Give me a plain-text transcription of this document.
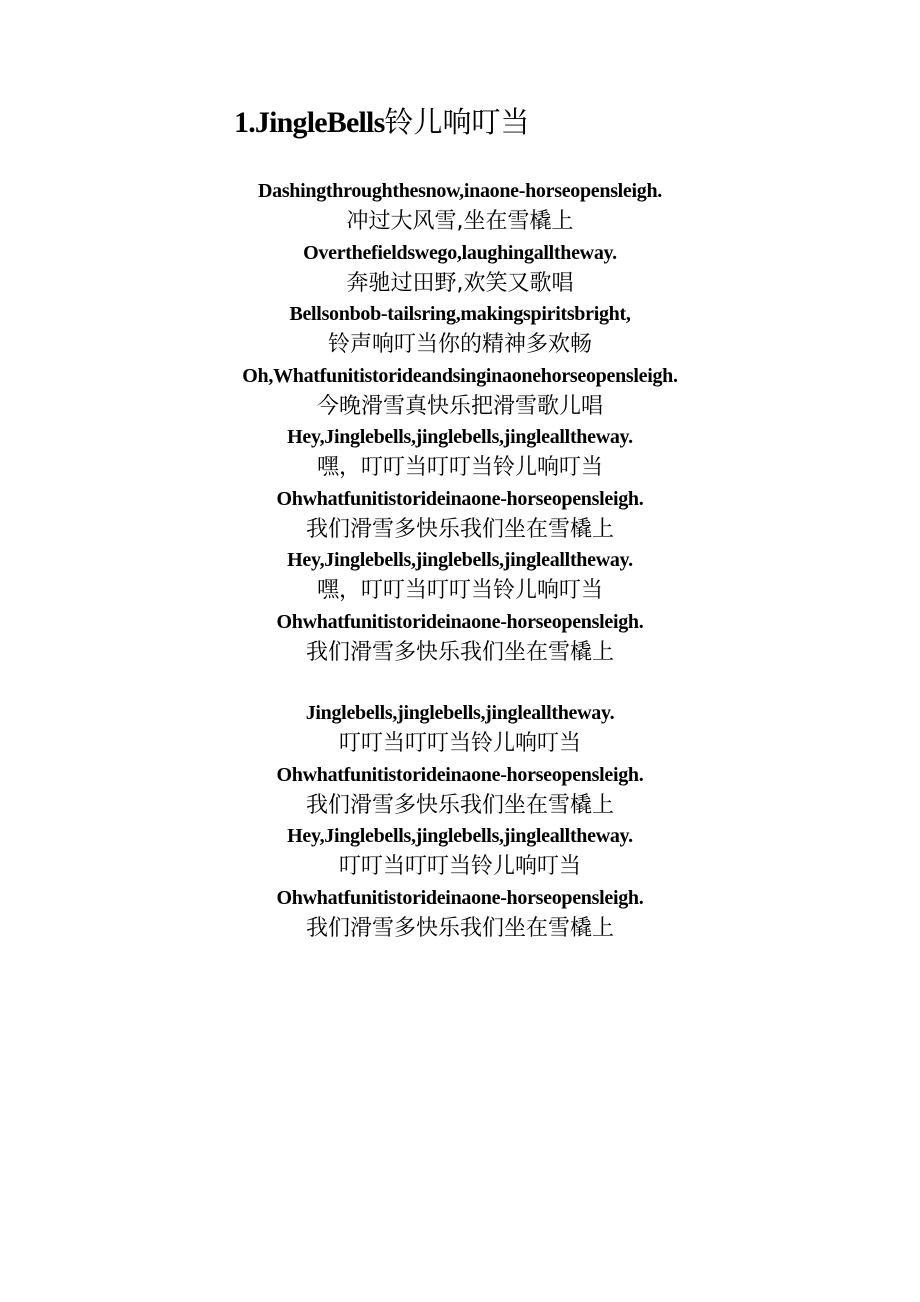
1.JingleBells铃儿响叮当
Dashingthroughthesnow,inaone-horseopensleigh.
冲过大风雪,坐在雪橇上
Overthefieldswego,laughingalltheway.
奔驰过田野,欢笑又歌唱
Bellsonbob-tailsring,makingspiritsbright,
铃声响叮当你的精神多欢畅
Oh,Whatfunitistorideandsinginaonehorseopensleigh.
今晚滑雪真快乐把滑雪歌儿唱
Hey,Jinglebells,jinglebells,jinglealltheway.
嘿，叮叮当叮叮当铃儿响叮当
Ohwhatfunitistorideinaone-horseopensleigh.
我们滑雪多快乐我们坐在雪橇上
Hey,Jinglebells,jinglebells,jinglealltheway.
嘿，叮叮当叮叮当铃儿响叮当
Ohwhatfunitistorideinaone-horseopensleigh.
我们滑雪多快乐我们坐在雪橇上
Jinglebells,jinglebells,jinglealltheway.
叮叮当叮叮当铃儿响叮当
Ohwhatfunitistorideinaone-horseopensleigh.
我们滑雪多快乐我们坐在雪橇上
Hey,Jinglebells,jinglebells,jinglealltheway.
叮叮当叮叮当铃儿响叮当
Ohwhatfunitistorideinaone-horseopensleigh.
我们滑雪多快乐我们坐在雪橇上
